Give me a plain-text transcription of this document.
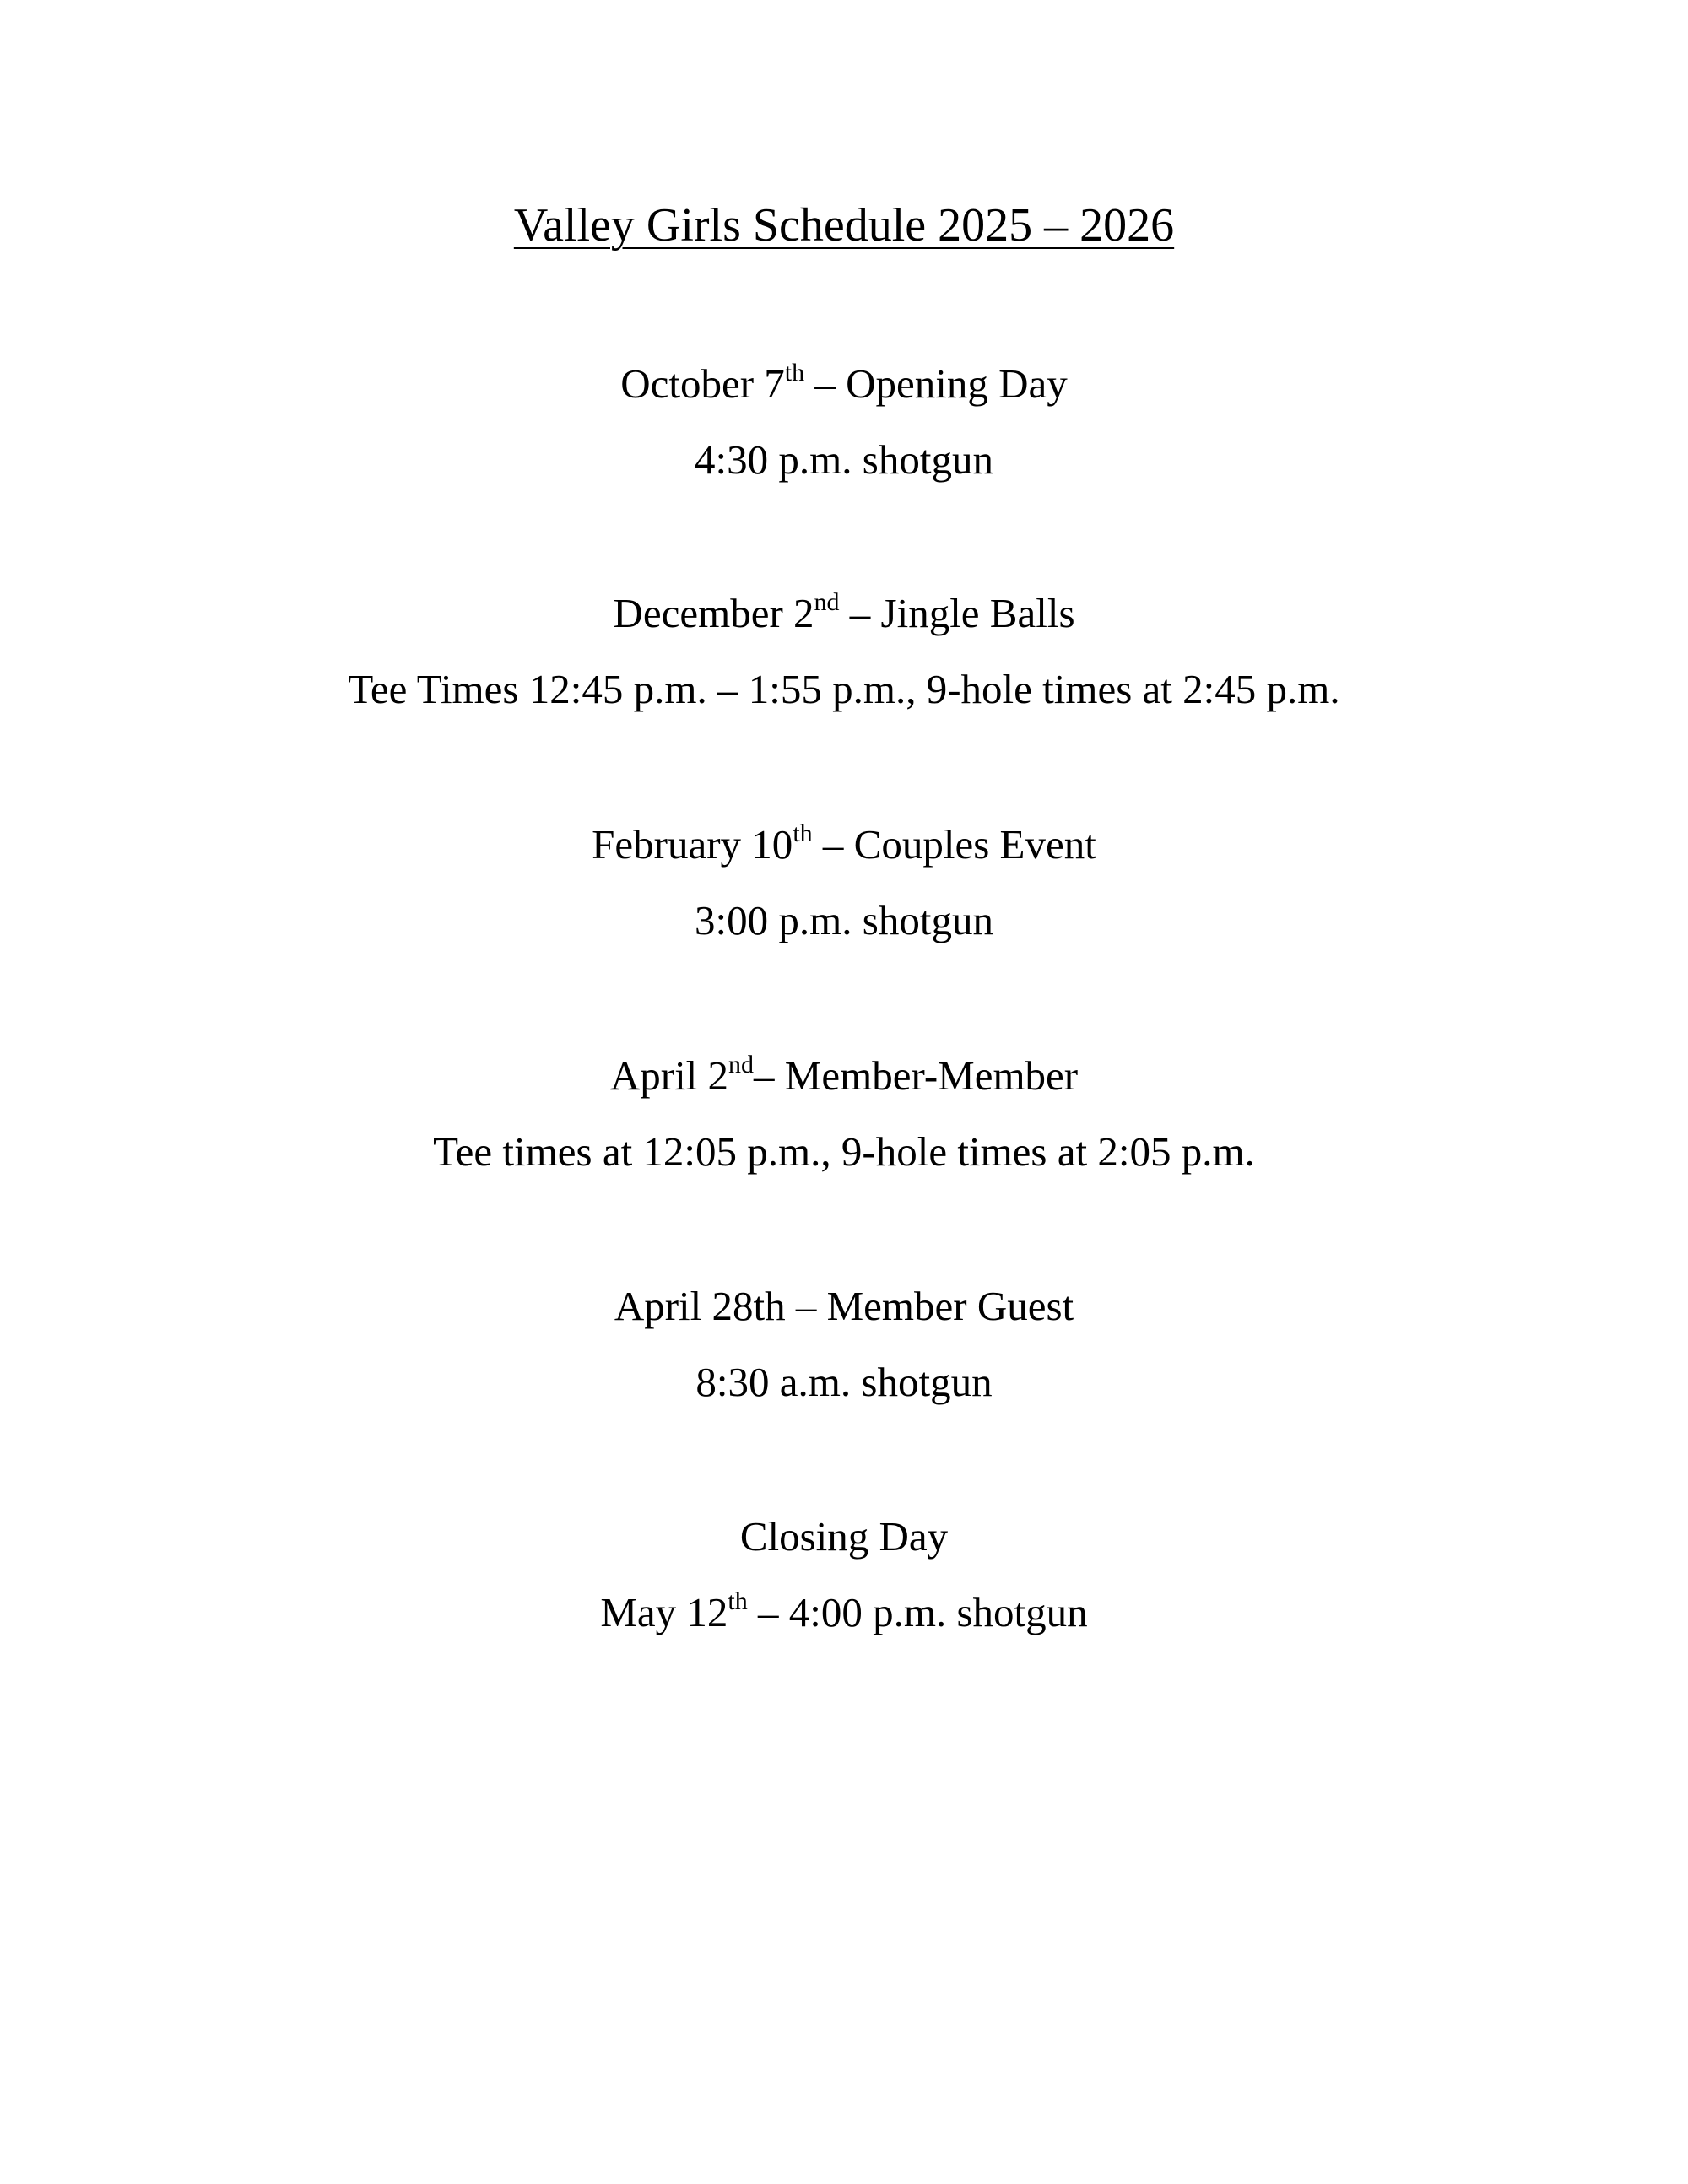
Valley Girls Schedule 2025 – 2026

October 7th – Opening Day

4:30 p.m. shotgun

December 2nd – Jingle Balls

Tee Times 12:45 p.m. – 1:55 p.m., 9-hole times at 2:45 p.m.

February 10th – Couples Event

3:00 p.m. shotgun

April 2nd– Member-Member

Tee times at 12:05 p.m., 9-hole times at 2:05 p.m.

April 28th – Member Guest

8:30 a.m. shotgun

Closing Day

May 12th – 4:00 p.m. shotgun
